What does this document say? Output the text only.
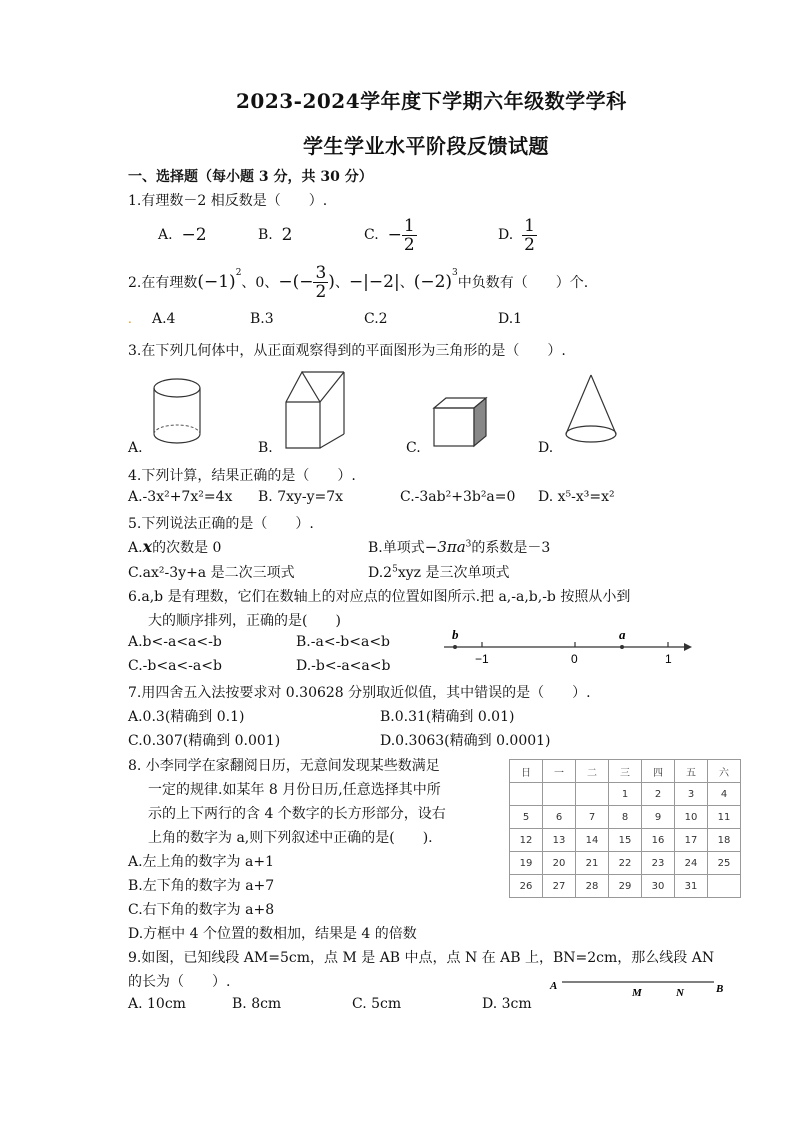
2023-2024学年度下学期六年级数学学科
学生学业水平阶段反馈试题
一、选择题（每小题 3 分，共 30 分）
1.有理数－2 相反数是（　　）.
A.
−2	B.
2	C.
− $\frac{1}{2}$	D.
$\frac{1}{2}$
2.在有理数 $(-1)^2$
、0、 −(− $\frac{3}{2}$ ) 、 −|−2| 、 $(-2)^3$
中负数有（　　）个.
. A.4	B.3	C.2	D.1
3.在下列几何体中，从正面观察得到的平面图形为三角形的是（　　）.
A.	B.	C.	D.
4.下列计算，结果正确的是（　　）.
A.-3x²+7x²=4x B. 7xy-y=7x	C.-3ab²+3b²a=0 D. x⁵-x³=x²
5.下列说法正确的是（　　）.
A.x的次数是 0	B.单项式$-3\pi a^3$的系数是－3
C.ax²-3y+a 是二次三项式	$D.2^5xyz$ 是三次单项式
6.a,b 是有理数，它们在数轴上的对应点的位置如图所示.把 a,-a,b,-b 按照从小到
大的顺序排列，正确的是(　　)
A.b<-a<a<-b	B.-a<-b<a<b
C.-b<a<-a<b	D.-b<-a<a<b
b	a
−1	0	1
7.用四舍五入法按要求对 0.30628 分别取近似值，其中错误的是（　　）.
A.0.3(精确到 0.1)	B.0.31(精确到 0.01)
C.0.307(精确到 0.001)	D.0.3063(精确到 0.0001)
8. 小李同学在家翻阅日历，无意间发现某些数满足
一定的规律.如某年 8 月份日历,任意选择其中所
示的上下两行的含 4 个数字的长方形部分，设右
上角的数字为 a,则下列叙述中正确的是(　　).
A.左上角的数字为 a+1
B.左下角的数字为 a+7
C.右下角的数字为 a+8
D.方框中 4 个位置的数相加，结果是 4 的倍数
日	一	二	三	四	五	六
			1	2	3	4
5	6	7	8	9	10	11
12	13	14	15	16	17	18
19	20	21	22	23	24	25
26	27	28	29	30	31	
9.如图，已知线段 AM=5cm，点 M 是 AB 中点，点 N 在 AB 上，BN=2cm，那么线段 AN
的长为（　　）.
A. 10cm	B. 8cm	C. 5cm	D. 3cm
A
M	N	B
